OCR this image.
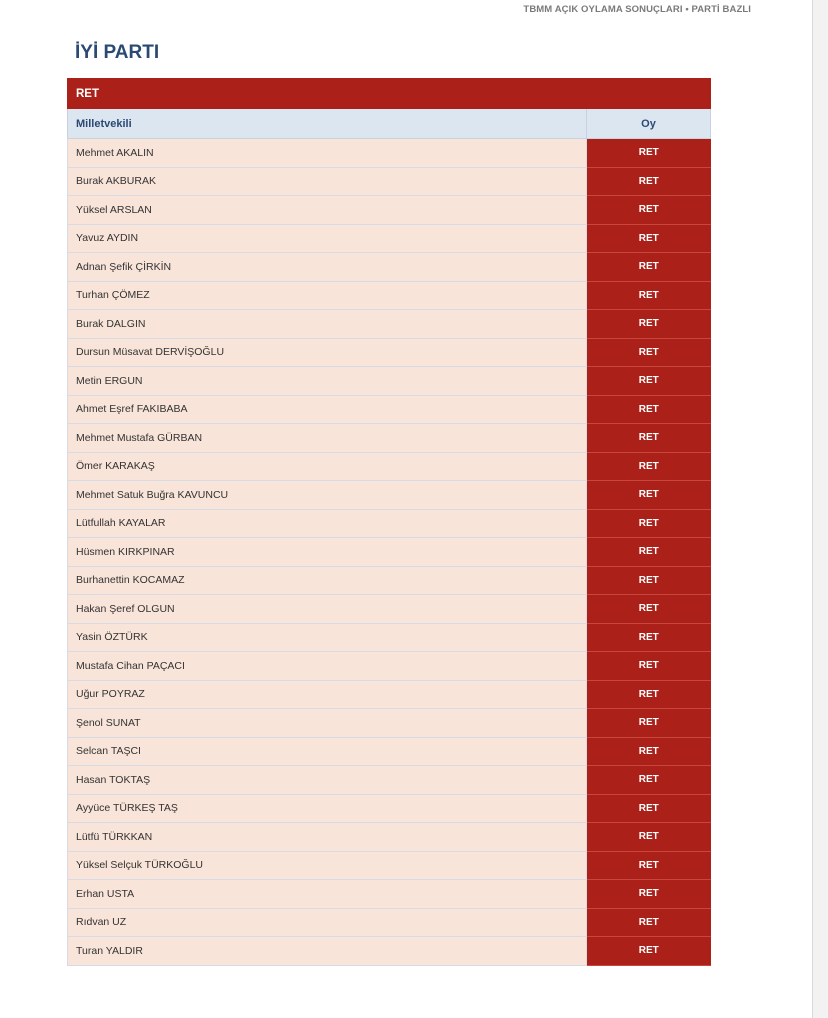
TBMM AÇIK OYLAMA SONUÇLARI • PARTİ BAZLI
İYİ PARTI
RET	
Milletvekili	Oy
Mehmet AKALIN	RET
Burak AKBURAK	RET
Yüksel ARSLAN	RET
Yavuz AYDIN	RET
Adnan Şefik ÇİRKİN	RET
Turhan ÇÖMEZ	RET
Burak DALGIN	RET
Dursun Müsavat DERVİŞOĞLU	RET
Metin ERGUN	RET
Ahmet Eşref FAKIBABA	RET
Mehmet Mustafa GÜRBAN	RET
Ömer KARAKAŞ	RET
Mehmet Satuk Buğra KAVUNCU	RET
Lütfullah KAYALAR	RET
Hüsmen KIRKPINAR	RET
Burhanettin KOCAMAZ	RET
Hakan Şeref OLGUN	RET
Yasin ÖZTÜRK	RET
Mustafa Cihan PAÇACI	RET
Uğur POYRAZ	RET
Şenol SUNAT	RET
Selcan TAŞCI	RET
Hasan TOKTAŞ	RET
Ayyüce TÜRKEŞ TAŞ	RET
Lütfü TÜRKKAN	RET
Yüksel Selçuk TÜRKOĞLU	RET
Erhan USTA	RET
Rıdvan UZ	RET
Turan YALDIR	RET
